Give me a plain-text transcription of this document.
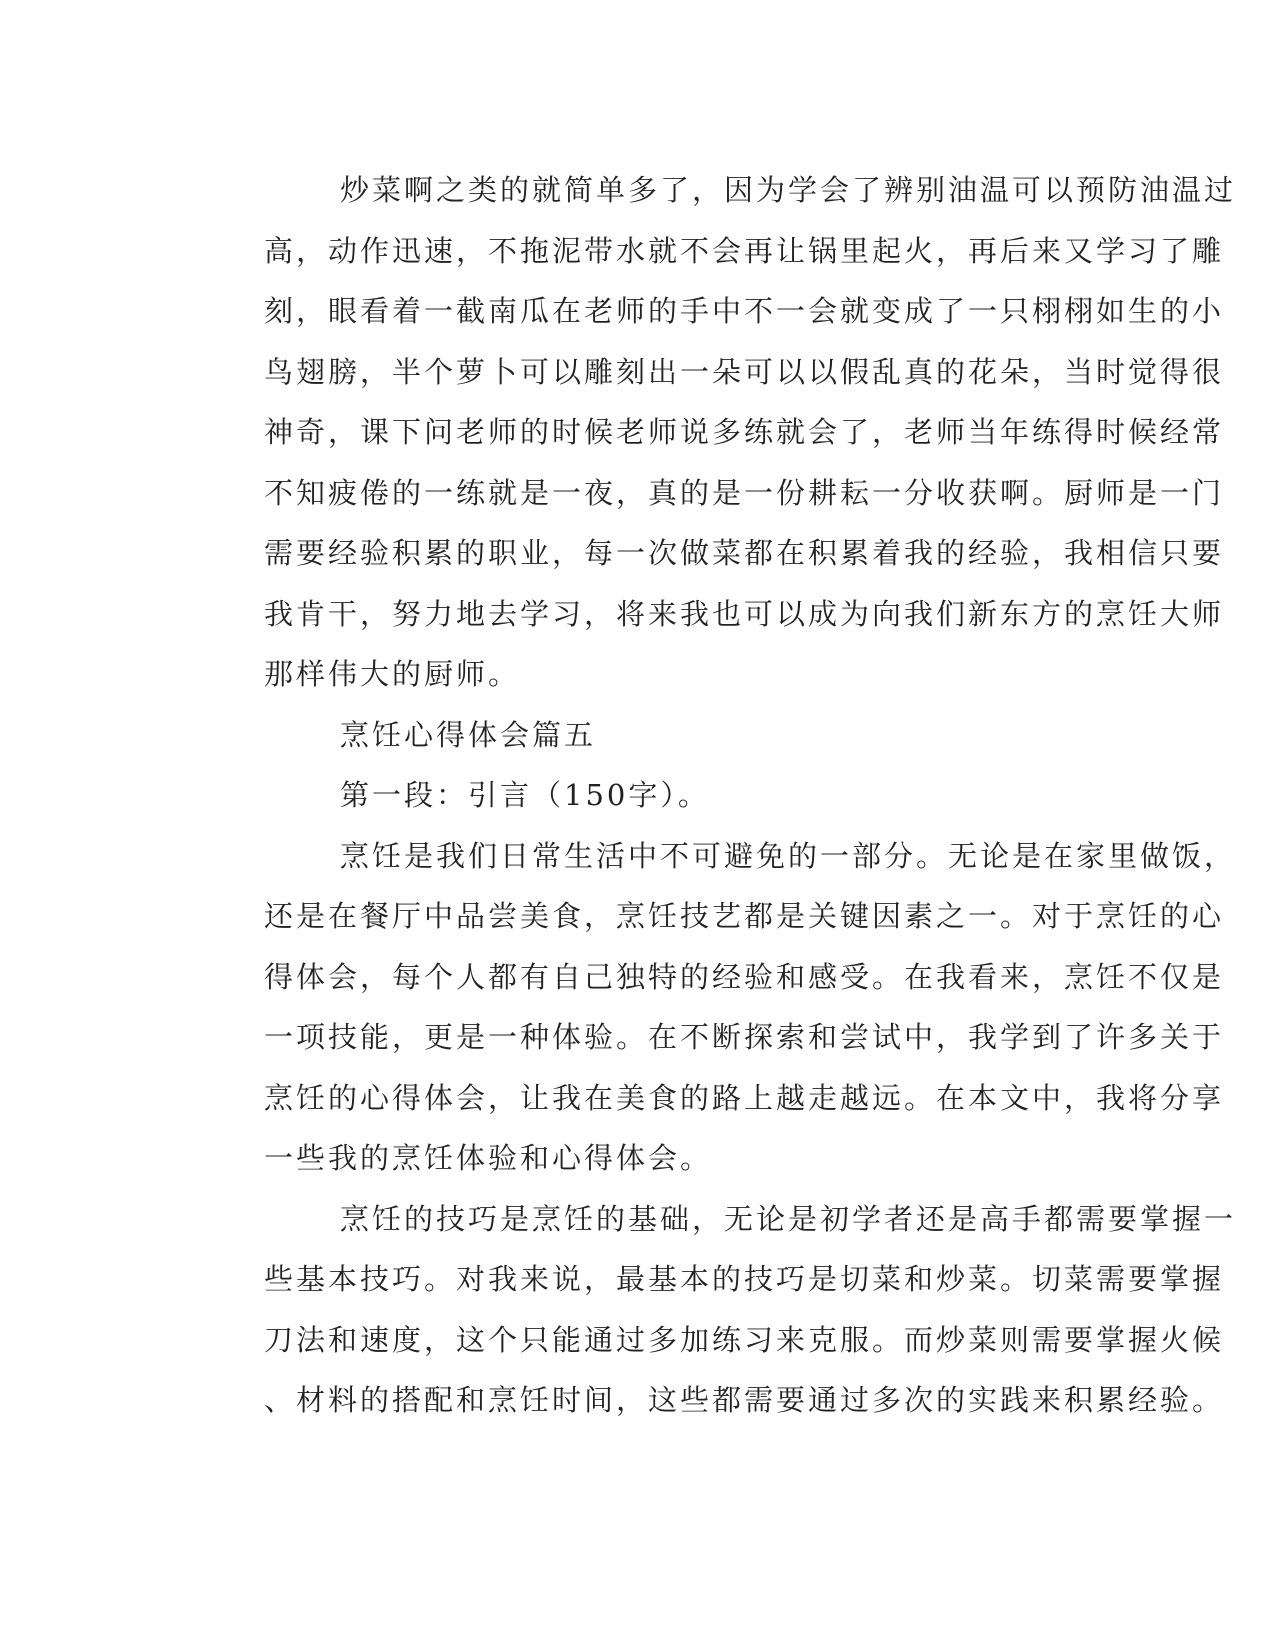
炒菜啊之类的就简单多了，因为学会了辨别油温可以预防油温过
高，动作迅速，不拖泥带水就不会再让锅里起火，再后来又学习了雕
刻，眼看着一截南瓜在老师的手中不一会就变成了一只栩栩如生的小
鸟翅膀，半个萝卜可以雕刻出一朵可以以假乱真的花朵，当时觉得很
神奇，课下问老师的时候老师说多练就会了，老师当年练得时候经常
不知疲倦的一练就是一夜，真的是一份耕耘一分收获啊。厨师是一门
需要经验积累的职业，每一次做菜都在积累着我的经验，我相信只要
我肯干，努力地去学习，将来我也可以成为向我们新东方的烹饪大师
那样伟大的厨师。

烹饪心得体会篇五

第一段：引言（150字）。

烹饪是我们日常生活中不可避免的一部分。无论是在家里做饭，
还是在餐厅中品尝美食，烹饪技艺都是关键因素之一。对于烹饪的心
得体会，每个人都有自己独特的经验和感受。在我看来，烹饪不仅是
一项技能，更是一种体验。在不断探索和尝试中，我学到了许多关于
烹饪的心得体会，让我在美食的路上越走越远。在本文中，我将分享
一些我的烹饪体验和心得体会。

烹饪的技巧是烹饪的基础，无论是初学者还是高手都需要掌握一
些基本技巧。对我来说，最基本的技巧是切菜和炒菜。切菜需要掌握
刀法和速度，这个只能通过多加练习来克服。而炒菜则需要掌握火候
、材料的搭配和烹饪时间，这些都需要通过多次的实践来积累经验。
